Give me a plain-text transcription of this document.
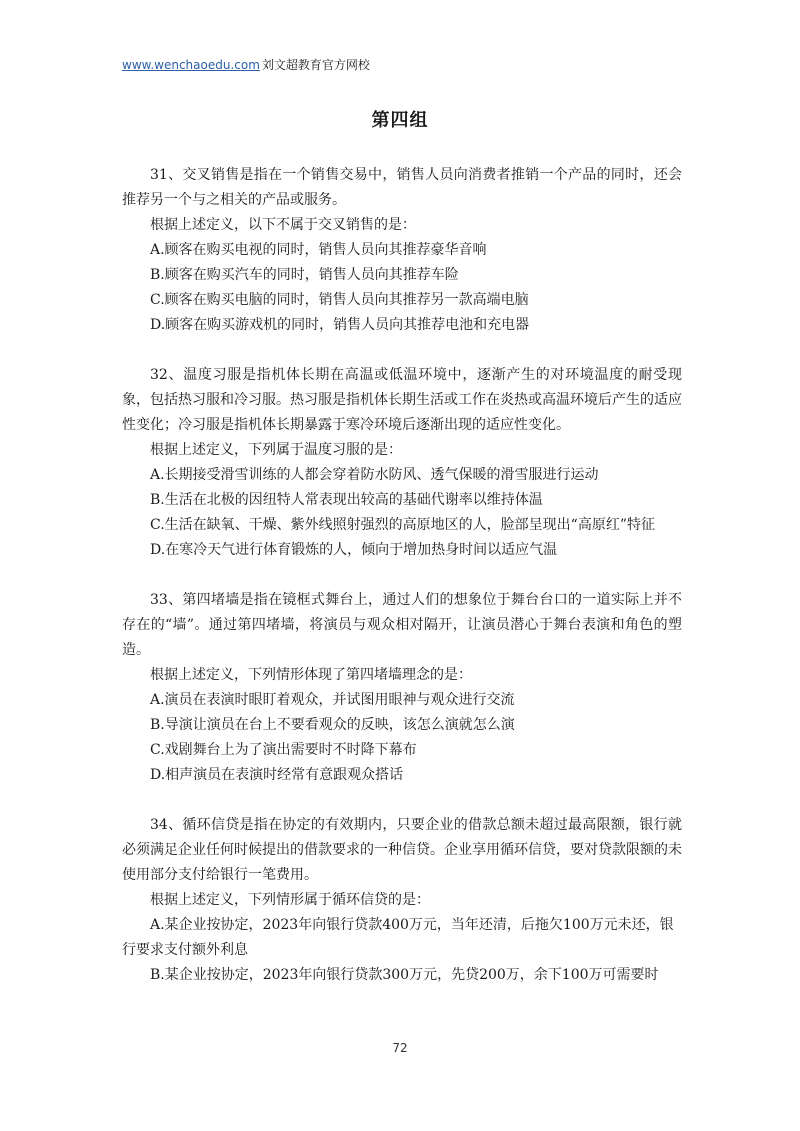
www.wenchaoedu.com 刘文超教育官方网校
第四组

31、交叉销售是指在一个销售交易中，销售人员向消费者推销一个产品的同时，还会推荐另一个与之相关的产品或服务。

根据上述定义，以下不属于交叉销售的是：

A.顾客在购买电视的同时，销售人员向其推荐豪华音响

B.顾客在购买汽车的同时，销售人员向其推荐车险

C.顾客在购买电脑的同时，销售人员向其推荐另一款高端电脑

D.顾客在购买游戏机的同时，销售人员向其推荐电池和充电器

32、温度习服是指机体长期在高温或低温环境中，逐渐产生的对环境温度的耐受现象，包括热习服和冷习服。热习服是指机体长期生活或工作在炎热或高温环境后产生的适应性变化；冷习服是指机体长期暴露于寒冷环境后逐渐出现的适应性变化。

根据上述定义，下列属于温度习服的是：

A.长期接受滑雪训练的人都会穿着防水防风、透气保暖的滑雪服进行运动

B.生活在北极的因纽特人常表现出较高的基础代谢率以维持体温

C.生活在缺氧、干燥、紫外线照射强烈的高原地区的人，脸部呈现出“高原红”特征

D.在寒冷天气进行体育锻炼的人，倾向于增加热身时间以适应气温

33、第四堵墙是指在镜框式舞台上，通过人们的想象位于舞台台口的一道实际上并不存在的“墙”。通过第四堵墙，将演员与观众相对隔开，让演员潜心于舞台表演和角色的塑造。

根据上述定义，下列情形体现了第四堵墙理念的是：

A.演员在表演时眼盯着观众，并试图用眼神与观众进行交流

B.导演让演员在台上不要看观众的反映，该怎么演就怎么演

C.戏剧舞台上为了演出需要时不时降下幕布

D.相声演员在表演时经常有意跟观众搭话

34、循环信贷是指在协定的有效期内，只要企业的借款总额未超过最高限额，银行就必须满足企业任何时候提出的借款要求的一种信贷。企业享用循环信贷，要对贷款限额的未使用部分支付给银行一笔费用。

根据上述定义，下列情形属于循环信贷的是：

A.某企业按协定，2023年向银行贷款400万元，当年还清，后拖欠100万元未还，银行要求支付额外利息

B.某企业按协定，2023年向银行贷款300万元，先贷200万，余下100万可需要时

72
